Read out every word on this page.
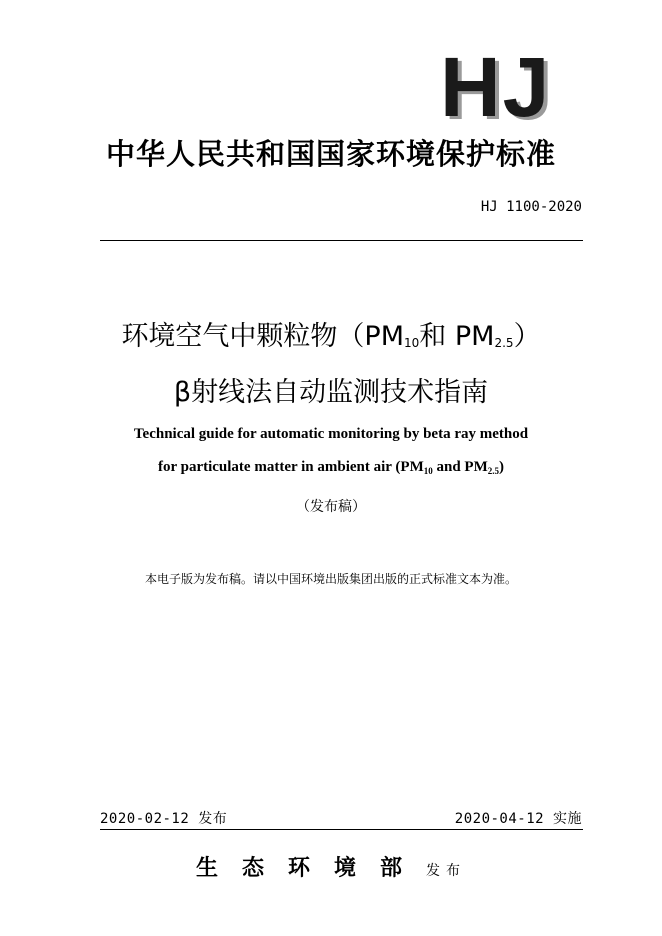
HJ
中华人民共和国国家环境保护标准
HJ 1100-2020
环境空气中颗粒物（$PM_{10}$和 $PM_{2.5}$）
β射线法自动监测技术指南
Technical guide for automatic monitoring by beta ray method
for particulate matter in ambient air ($PM_{10}$ and $PM_{2.5}$)
（发布稿）
本电子版为发布稿。请以中国环境出版集团出版的正式标准文本为准。
2020-02-12 发布	2020-04-12 实施
生态环境部发布
